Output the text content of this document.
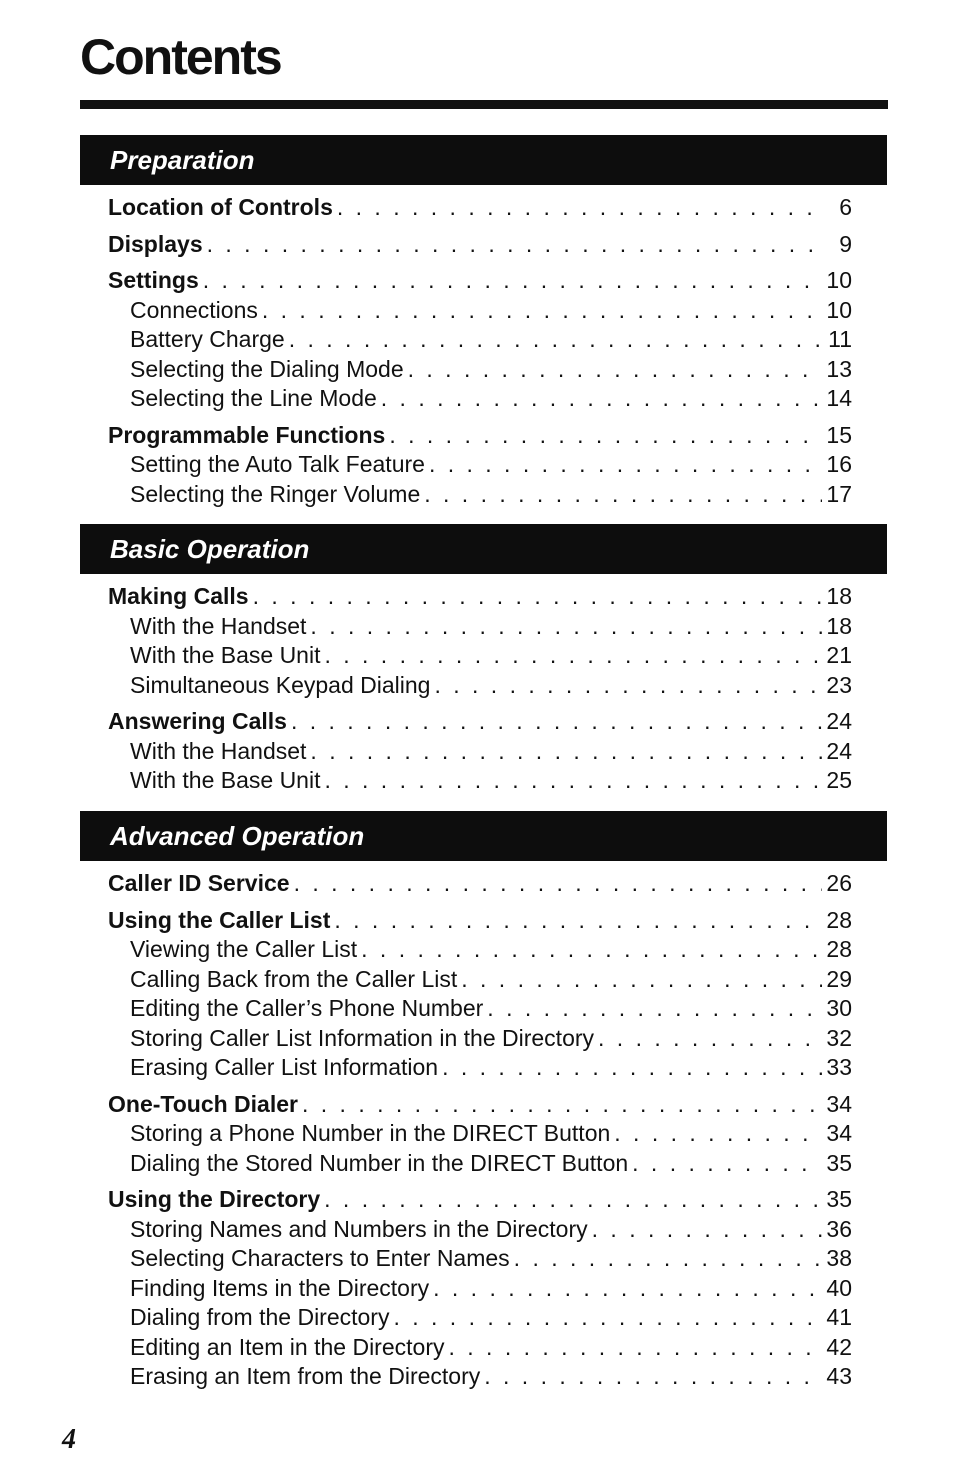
Contents
Preparation
Location of Controls . . .	6
Displays . . .	9
Settings . . .	10
Connections . . .	10
Battery Charge . . .	11
Selecting the Dialing Mode . . .	13
Selecting the Line Mode . . .	14
Programmable Functions . . .	15
Setting the Auto Talk Feature . . .	16
Selecting the Ringer Volume . . .	17
Basic Operation
Making Calls . . .	18
With the Handset . . .	18
With the Base Unit . . .	21
Simultaneous Keypad Dialing . . .	23
Answering Calls . . .	24
With the Handset . . .	24
With the Base Unit . . .	25
Advanced Operation
Caller ID Service . . .	26
Using the Caller List . . .	28
Viewing the Caller List . . .	28
Calling Back from the Caller List . . .	29
Editing the Caller’s Phone Number . . .	30
Storing Caller List Information in the Directory . . .	32
Erasing Caller List Information . . .	33
One-Touch Dialer . . .	34
Storing a Phone Number in the DIRECT Button . . .	34
Dialing the Stored Number in the DIRECT Button . . .	35
Using the Directory . . .	35
Storing Names and Numbers in the Directory . . .	36
Selecting Characters to Enter Names . . .	38
Finding Items in the Directory . . .	40
Dialing from the Directory . . .	41
Editing an Item in the Directory . . .	42
Erasing an Item from the Directory . . .	43
4
